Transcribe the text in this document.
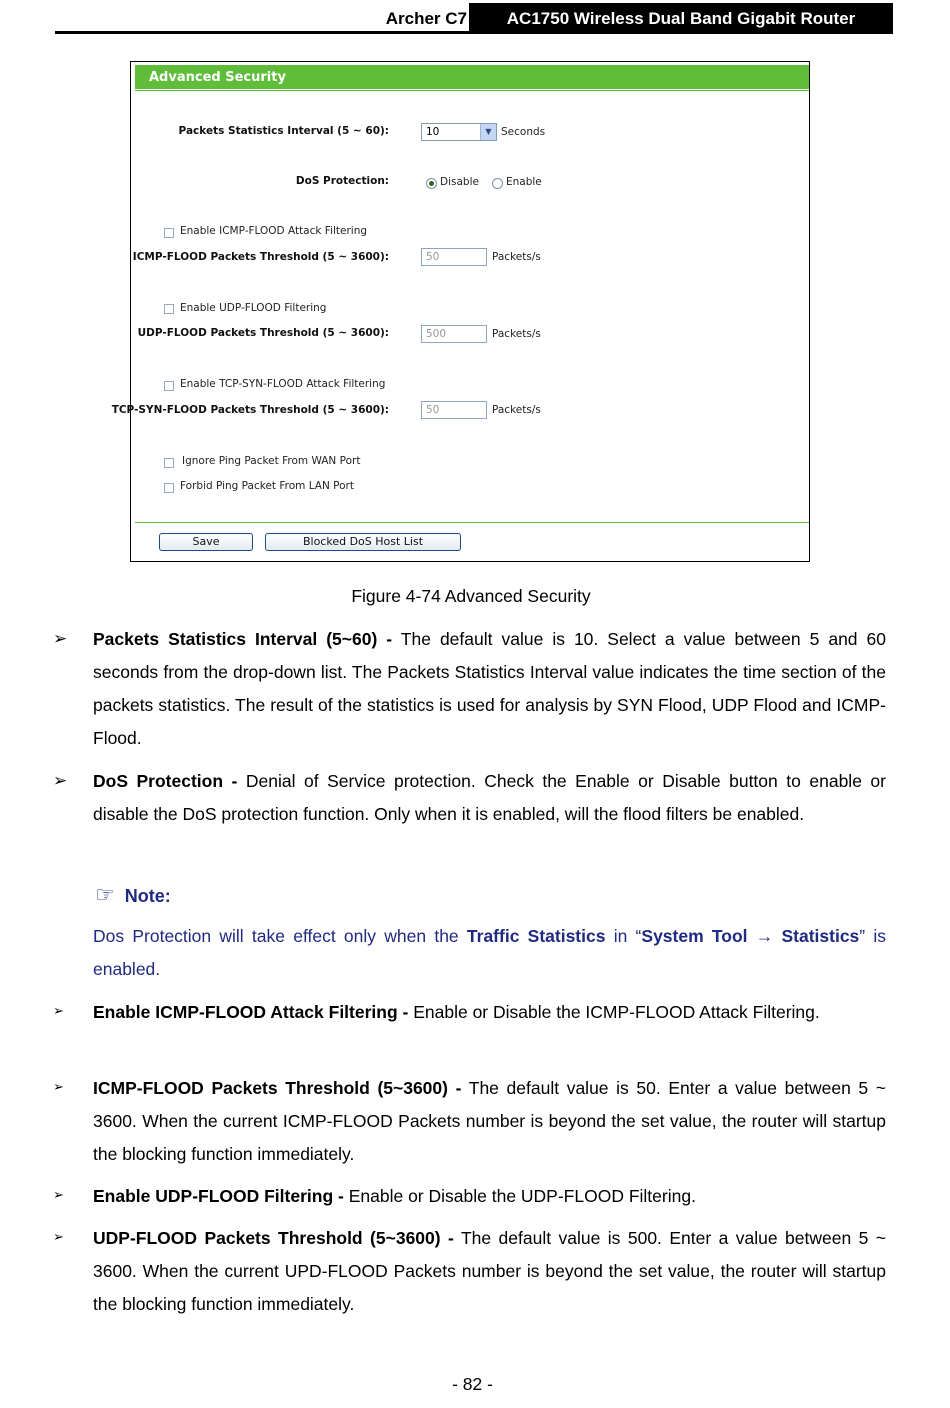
Archer C7	AC1750 Wireless Dual Band Gigabit Router
Advanced Security
Packets Statistics Interval (5 ~ 60):	10	▼ Seconds
DoS Protection:	Disable	Enable
Enable ICMP-FLOOD Attack Filtering
ICMP-FLOOD Packets Threshold (5 ~ 3600):	50	Packets/s
Enable UDP-FLOOD Filtering
UDP-FLOOD Packets Threshold (5 ~ 3600):	500	Packets/s
Enable TCP-SYN-FLOOD Attack Filtering
TCP-SYN-FLOOD Packets Threshold (5 ~ 3600):	50	Packets/s
Ignore Ping Packet From WAN Port
Forbid Ping Packet From LAN Port
Save	Blocked DoS Host List
Figure 4-74 Advanced Security
➢ Packets Statistics Interval (5~60) - The default value is 10. Select a value between 5 and 60 seconds from the drop-down list. The Packets Statistics Interval value indicates the time section of the packets statistics. The result of the statistics is used for analysis by SYN Flood, UDP Flood and ICMP-Flood.
➢ DoS Protection - Denial of Service protection. Check the Enable or Disable button to enable or disable the DoS protection function. Only when it is enabled, will the flood filters be enabled.
☞ Note:
Dos Protection will take effect only when the Traffic Statistics in “System Tool → Statistics” is enabled.
➢ Enable ICMP-FLOOD Attack Filtering - Enable or Disable the ICMP-FLOOD Attack Filtering.
➢ ICMP-FLOOD Packets Threshold (5~3600) - The default value is 50. Enter a value between 5 ~ 3600. When the current ICMP-FLOOD Packets number is beyond the set value, the router will startup the blocking function immediately.
➢ Enable UDP-FLOOD Filtering - Enable or Disable the UDP-FLOOD Filtering.
➢ UDP-FLOOD Packets Threshold (5~3600) - The default value is 500. Enter a value between 5 ~ 3600. When the current UPD-FLOOD Packets number is beyond the set value, the router will startup the blocking function immediately.
- 82 -
